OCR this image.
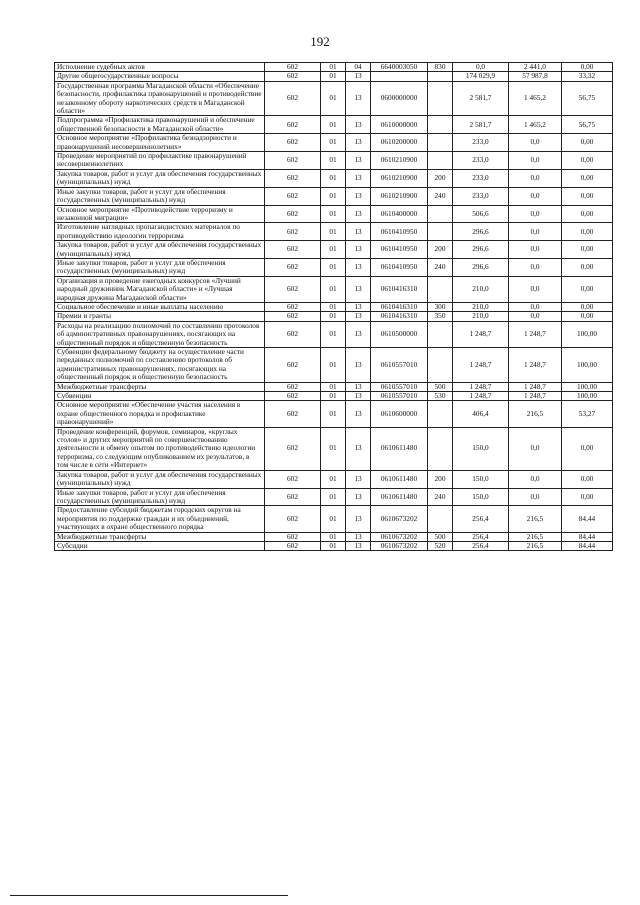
192
Исполнение судебных актов	602	01	04	6640003050	830	0,0	2 441,0	0,00
Другие общегосударственные вопросы	602	01	13			174 029,9	57 987,8	33,32
Государственная программа Магаданской области «Обеспечение безопасности, профилактика правонарушений и противодействие незаконному обороту наркотических средств в Магаданской области»	602	01	13	0600000000		2 581,7	1 465,2	56,75
Подпрограмма «Профилактика правонарушений и обеспечение общественной безопасности в Магаданской области»	602	01	13	0610000000		2 581,7	1 465,2	56,75
Основное мероприятие «Профилактика безнадзорности и правонарушений несовершеннолетних»	602	01	13	0610200000		233,0	0,0	0,00
Проведение мероприятий по профилактике правонарушений несовершеннолетних	602	01	13	0610210900		233,0	0,0	0,00
Закупка товаров, работ и услуг для обеспечения государственных (муниципальных) нужд	602	01	13	0610210900	200	233,0	0,0	0,00
Иные закупки товаров, работ и услуг для обеспечения государственных (муниципальных) нужд	602	01	13	0610210900	240	233,0	0,0	0,00
Основное мероприятие «Противодействие терроризму и незаконной миграции»	602	01	13	0610400000		506,6	0,0	0,00
Изготовление наглядных пропагандистских материалов по противодействию идеологии терроризма	602	01	13	0610410950		296,6	0,0	0,00
Закупка товаров, работ и услуг для обеспечения государственных (муниципальных) нужд	602	01	13	0610410950	200	296,6	0,0	0,00
Иные закупки товаров, работ и услуг для обеспечения государственных (муниципальных) нужд	602	01	13	0610410950	240	296,6	0,0	0,00
Организация и проведение ежегодных конкурсов «Лучший народный дружинник Магаданской области» и «Лучшая народная дружина Магаданской области»	602	01	13	0610416310		210,0	0,0	0,00
Социальное обеспечение и иные выплаты населению	602	01	13	0610416310	300	210,0	0,0	0,00
Премии и гранты	602	01	13	0610416310	350	210,0	0,0	0,00
Расходы на реализацию полномочий по составлению протоколов об административных правонарушениях, посягающих на общественный порядок и общественную безопасность	602	01	13	0610500000		1 248,7	1 248,7	100,00
Субвенции федеральному бюджету на осуществление части переданных полномочий по составлению протоколов об административных правонарушениях, посягающих на общественный порядок и общественную безопасность	602	01	13	0610557010		1 248,7	1 248,7	100,00
Межбюджетные трансферты	602	01	13	0610557010	500	1 248,7	1 248,7	100,00
Субвенции	602	01	13	0610557010	530	1 248,7	1 248,7	100,00
Основное мероприятие «Обеспечение участия населения в охране общественного порядка и профилактике правонарушений»	602	01	13	0610600000		406,4	216,5	53,27
Проведение конференций, форумов, семинаров, «круглых столов» и других мероприятий по совершенствованию деятельности и обмену опытом по противодействию идеологии терроризма, со следующим опубликованием их результатов, в том числе в сети «Интернет»	602	01	13	0610611480		150,0	0,0	0,00
Закупка товаров, работ и услуг для обеспечения государственных (муниципальных) нужд	602	01	13	0610611480	200	150,0	0,0	0,00
Иные закупки товаров, работ и услуг для обеспечения государственных (муниципальных) нужд	602	01	13	0610611480	240	150,0	0,0	0,00
Предоставление субсидий бюджетам городских округов на мероприятия по поддержке граждан и их объединений, участвующих в охране общественного порядка	602	01	13	0610673202		256,4	216,5	84,44
Межбюджетные трансферты	602	01	13	0610673202	500	256,4	216,5	84,44
Субсидии	602	01	13	0610673202	520	256,4	216,5	84,44
